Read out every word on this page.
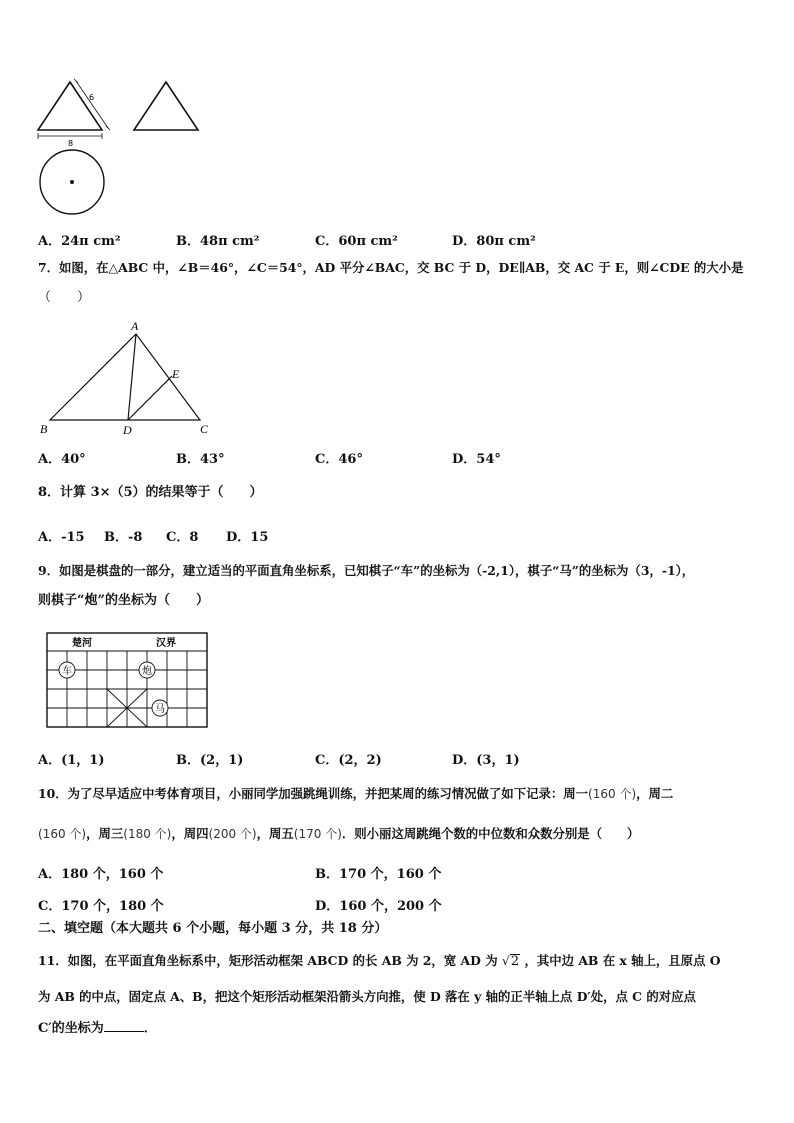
6
8
A．24π cm²	B．48π cm²	C．60π cm²	D．80π cm²
7．如图，在△ABC 中，∠B＝46°，∠C＝54°，AD 平分∠BAC，交 BC 于 D，DE∥AB，交 AC 于 E，则∠CDE 的大小是
（　　）
A
B	C
D
E
A．40°	B．43°	C．46°	D．54°
8．计算 3×（5）的结果等于（　　）
A．-15 B．-8 C．8 D．15
9．如图是棋盘的一部分，建立适当的平面直角坐标系，已知棋子“车”的坐标为（-2,1），棋子“马”的坐标为（3，-1），
则棋子“炮”的坐标为（　　）
楚河	汉界
车	炮
马
A．(1，1)	B．(2，1)	C．(2，2)	D．(3，1)
10．为了尽早适应中考体育项目，小丽同学加强跳绳训练，并把某周的练习情况做了如下记录：周一(160 个)，周二
(160 个)，周三(180 个)，周四(200 个)，周五(170 个)．则小丽这周跳绳个数的中位数和众数分别是（　　）
A．180 个，160 个	B．170 个，160 个
C．170 个，180 个	D．160 个，200 个
二、填空题（本大题共 6 个小题，每小题 3 分，共 18 分）
11．如图，在平面直角坐标系中，矩形活动框架 ABCD 的长 AB 为 2，宽 AD 为 √2 ，其中边 AB 在 x 轴上，且原点 O
为 AB 的中点，固定点 A、B，把这个矩形活动框架沿箭头方向推，使 D 落在 y 轴的正半轴上点 D′处，点 C 的对应点
C′的坐标为	．
